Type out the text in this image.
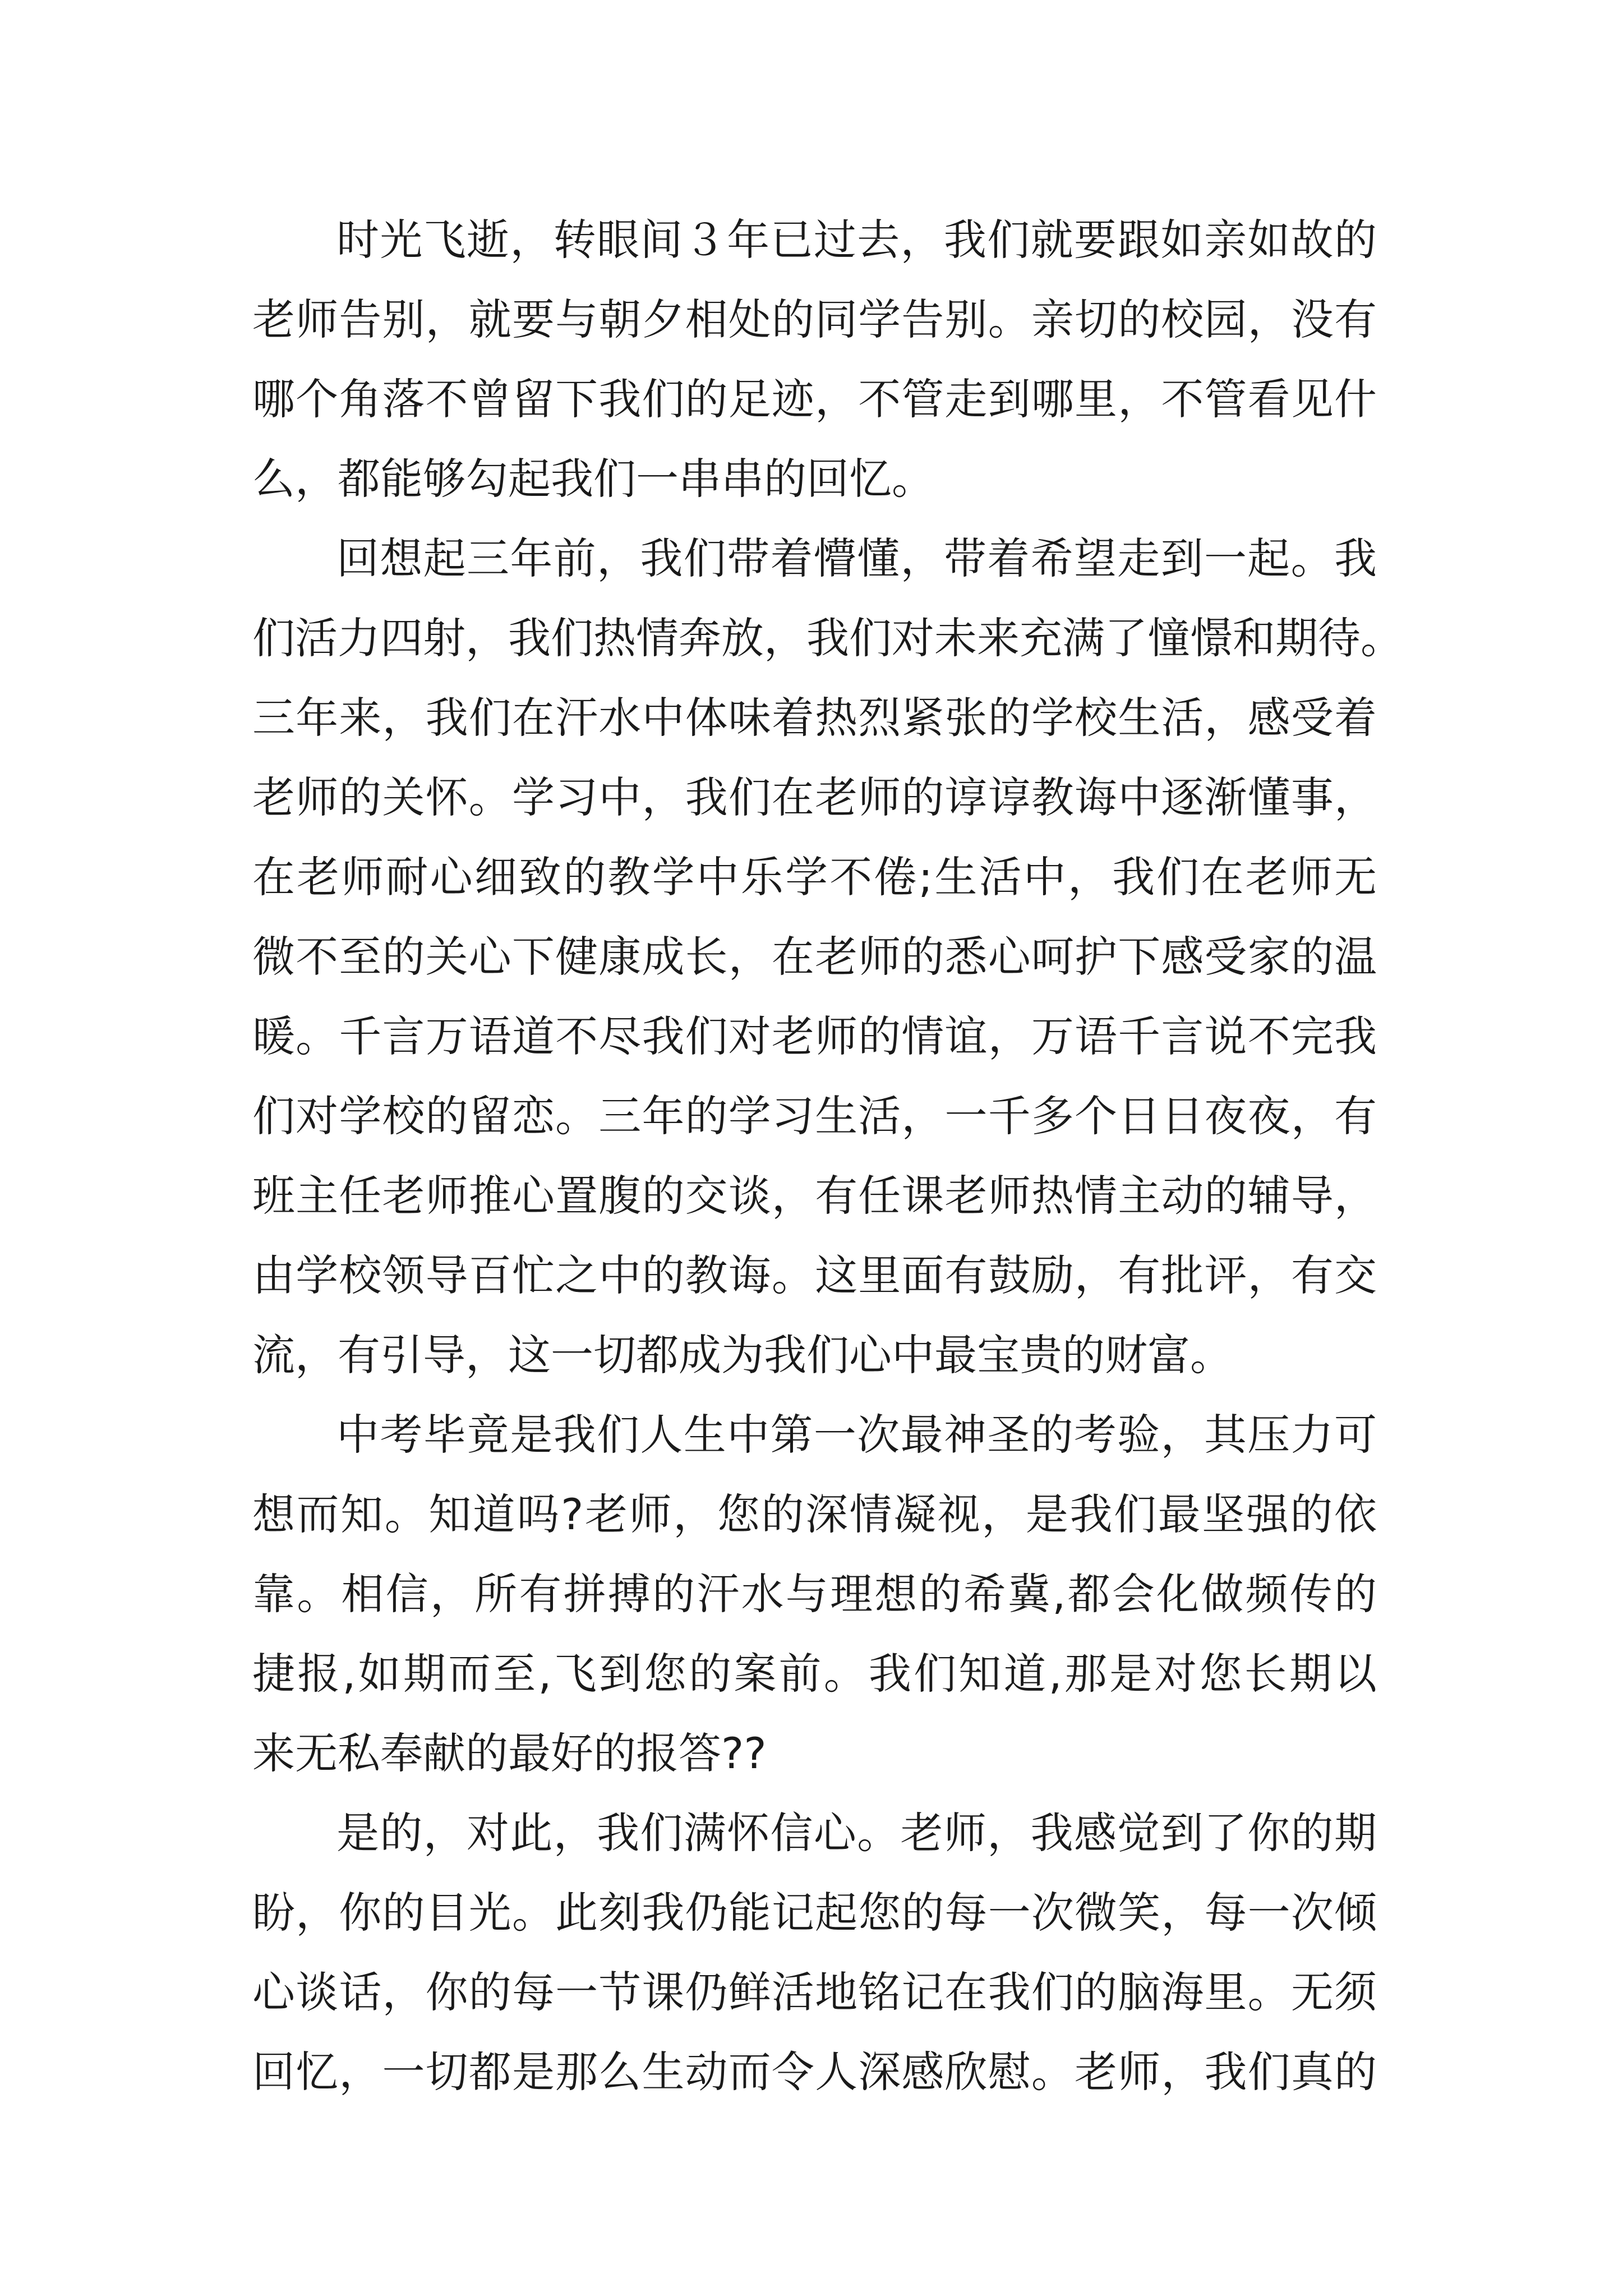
时光飞逝，转眼间３年已过去，我们就要跟如亲如故的
老师告别，就要与朝夕相处的同学告别。亲切的校园，没有
哪个角落不曾留下我们的足迹，不管走到哪里，不管看见什
么，都能够勾起我们一串串的回忆。
回想起三年前，我们带着懵懂，带着希望走到一起。我
们活力四射，我们热情奔放，我们对未来充满了憧憬和期待。
三年来，我们在汗水中体味着热烈紧张的学校生活，感受着
老师的关怀。学习中，我们在老师的谆谆教诲中逐渐懂事，
在老师耐心细致的教学中乐学不倦;生活中，我们在老师无
微不至的关心下健康成长，在老师的悉心呵护下感受家的温
暖。千言万语道不尽我们对老师的情谊，万语千言说不完我
们对学校的留恋。三年的学习生活，一千多个日日夜夜，有
班主任老师推心置腹的交谈，有任课老师热情主动的辅导，
由学校领导百忙之中的教诲。这里面有鼓励，有批评，有交
流，有引导，这一切都成为我们心中最宝贵的财富。
中考毕竟是我们人生中第一次最神圣的考验，其压力可
想而知。知道吗?老师，您的深情凝视，是我们最坚强的依
靠。相信，所有拼搏的汗水与理想的希冀,都会化做频传的
捷报,如期而至,飞到您的案前。我们知道,那是对您长期以
来无私奉献的最好的报答??
是的，对此，我们满怀信心。老师，我感觉到了你的期
盼，你的目光。此刻我仍能记起您的每一次微笑，每一次倾
心谈话，你的每一节课仍鲜活地铭记在我们的脑海里。无须
回忆，一切都是那么生动而令人深感欣慰。老师，我们真的
